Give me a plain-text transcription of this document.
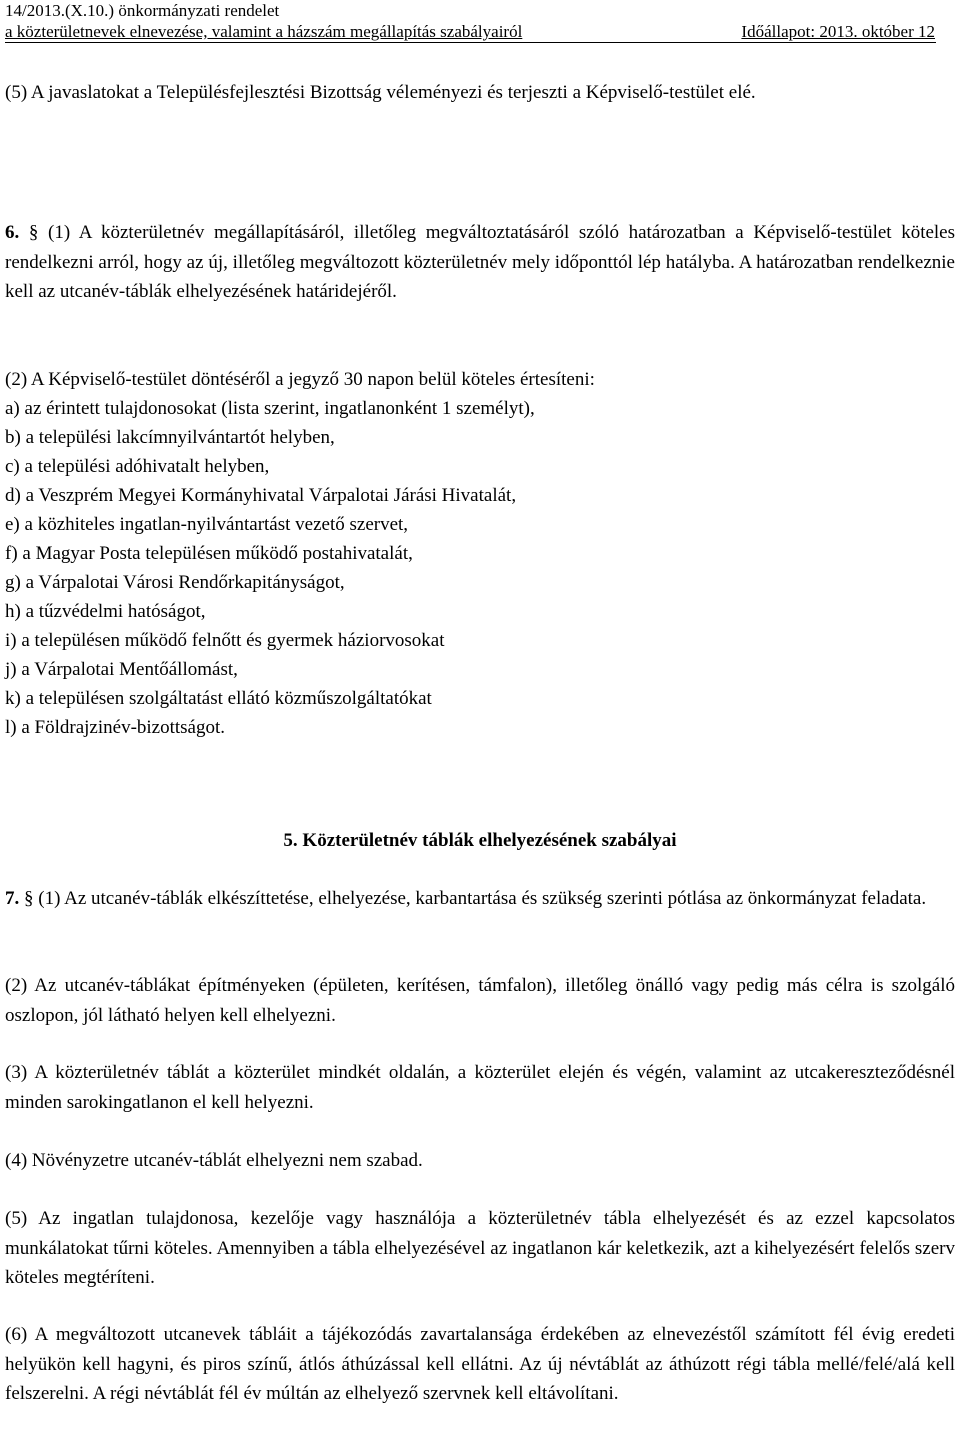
14/2013.(X.10.) önkormányzati rendelet
a közterületnevek elnevezése, valamint a házszám megállapítás szabályairól	Időállapot: 2013. október 12

(5) A javaslatokat a Településfejlesztési Bizottság véleményezi és terjeszti a Képviselő-testület elé.

6. § (1) A közterületnév megállapításáról, illetőleg megváltoztatásáról szóló határozatban a Képviselő-testület köteles rendelkezni arról, hogy az új, illetőleg megváltozott közterületnév mely időponttól lép hatályba. A határozatban rendelkeznie kell az utcanév-táblák elhelyezésének határidejéről.

(2) A Képviselő-testület döntéséről a jegyző 30 napon belül köteles értesíteni:

a) az érintett tulajdonosokat (lista szerint, ingatlanonként 1 személyt),
b) a települési lakcímnyilvántartót helyben,
c) a települési adóhivatalt helyben,
d) a Veszprém Megyei Kormányhivatal Várpalotai Járási Hivatalát,
e) a közhiteles ingatlan-nyilvántartást vezető szervet,
f) a Magyar Posta településen működő postahivatalát,
g) a Várpalotai Városi Rendőrkapitányságot,
h) a tűzvédelmi hatóságot,
i) a településen működő felnőtt és gyermek háziorvosokat
j) a Várpalotai Mentőállomást,
k) a településen szolgáltatást ellátó közműszolgáltatókat
l) a Földrajzinév-bizottságot.
5. Közterületnév táblák elhelyezésének szabályai

7. § (1) Az utcanév-táblák elkészíttetése, elhelyezése, karbantartása és szükség szerinti pótlása az önkormányzat feladata.

(2) Az utcanév-táblákat építményeken (épületen, kerítésen, támfalon), illetőleg önálló vagy pedig más célra is szolgáló oszlopon, jól látható helyen kell elhelyezni.

(3) A közterületnév táblát a közterület mindkét oldalán, a közterület elején és végén, valamint az utcakereszteződésnél minden sarokingatlanon el kell helyezni.

(4) Növényzetre utcanév-táblát elhelyezni nem szabad.

(5) Az ingatlan tulajdonosa, kezelője vagy használója a közterületnév tábla elhelyezését és az ezzel kapcsolatos munkálatokat tűrni köteles. Amennyiben a tábla elhelyezésével az ingatlanon kár keletkezik, azt a kihelyezésért felelős szerv köteles megtéríteni.

(6) A megváltozott utcanevek tábláit a tájékozódás zavartalansága érdekében az elnevezéstől számított fél évig eredeti helyükön kell hagyni, és piros színű, átlós áthúzással kell ellátni. Az új névtáblát az áthúzott régi tábla mellé/felé/alá kell felszerelni. A régi névtáblát fél év múltán az elhelyező szervnek kell eltávolítani.
